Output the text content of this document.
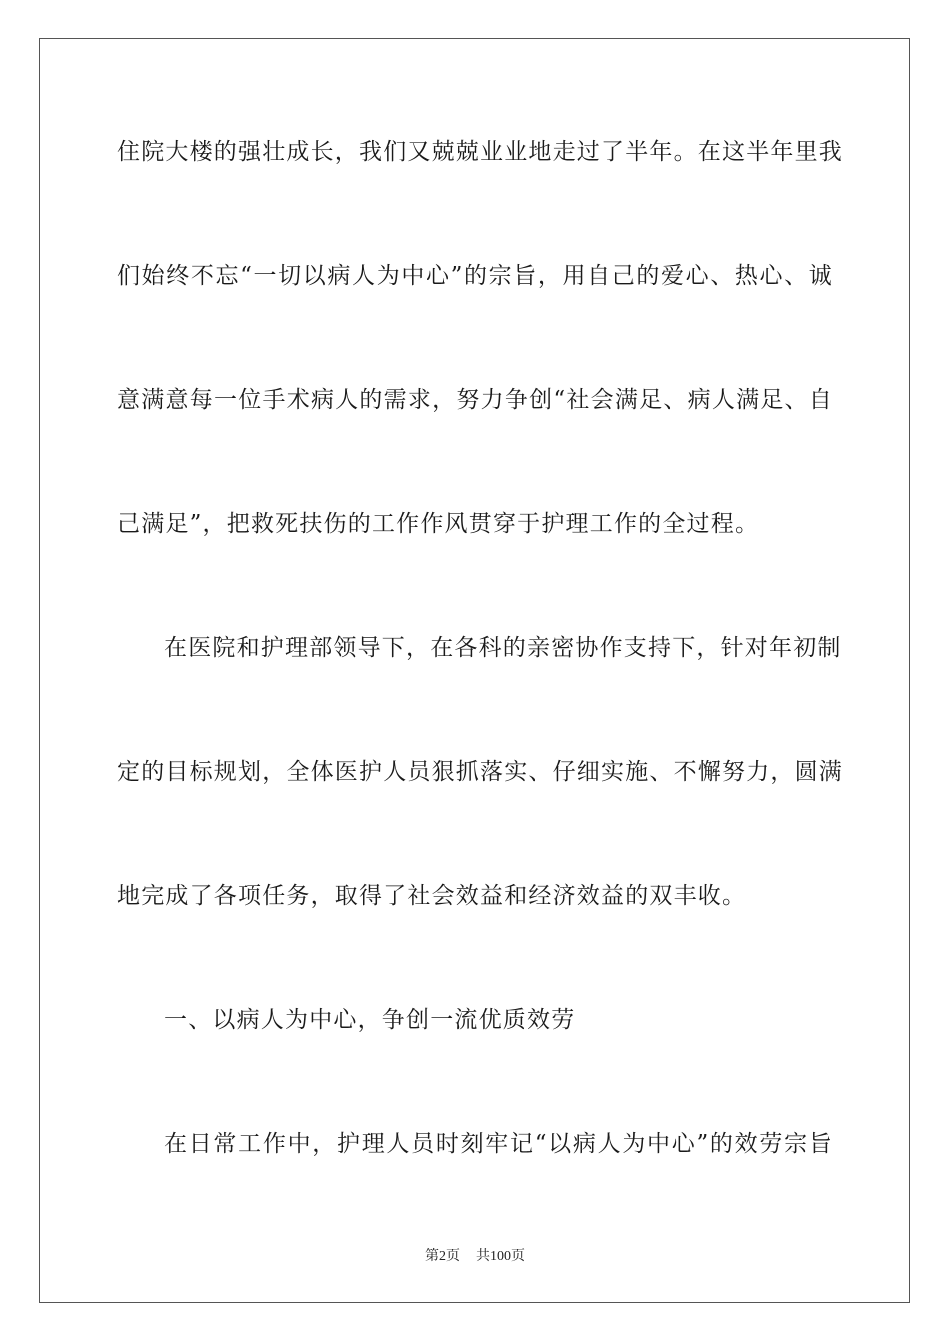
住院大楼的强壮成长，我们又兢兢业业地走过了半年。在这半年里我
们始终不忘“一切以病人为中心”的宗旨，用自己的爱心、热心、诚
意满意每一位手术病人的需求，努力争创“社会满足、病人满足、自
己满足”，把救死扶伤的工作作风贯穿于护理工作的全过程。
在医院和护理部领导下，在各科的亲密协作支持下，针对年初制
定的目标规划，全体医护人员狠抓落实、仔细实施、不懈努力，圆满
地完成了各项任务，取得了社会效益和经济效益的双丰收。
一、以病人为中心，争创一流优质效劳
在日常工作中，护理人员时刻牢记“以病人为中心”的效劳宗旨
第2页 共100页
